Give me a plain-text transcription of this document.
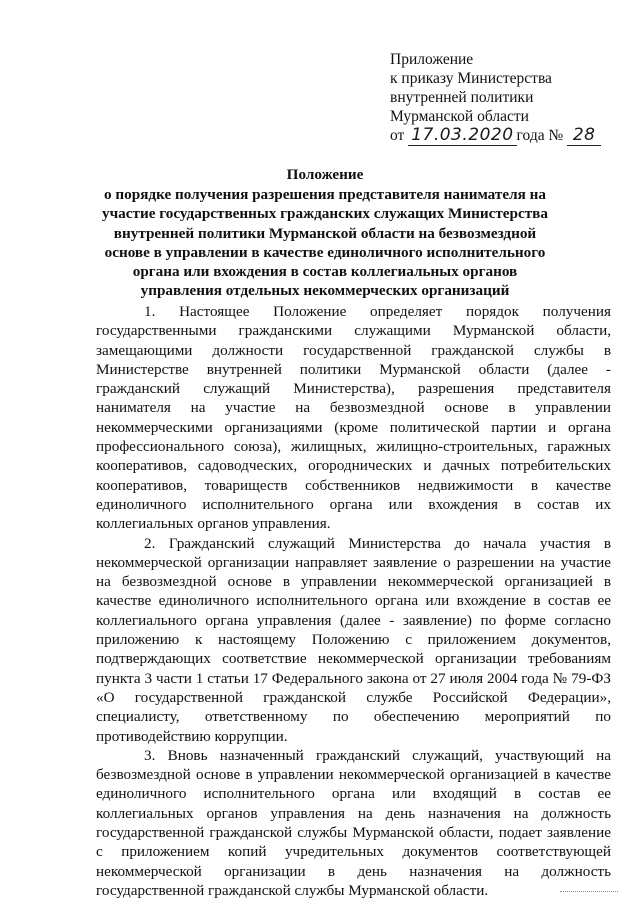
Приложение
к приказу Министерства
внутренней политики
Мурманской области
от 17.03.2020 года № 28
Положение
о порядке получения разрешения представителя нанимателя на участие государственных гражданских служащих Министерства внутренней политики Мурманской области на безвозмездной основе в управлении в качестве единоличного исполнительного органа или вхождения в состав коллегиальных органов управления отдельных некоммерческих организаций

1. Настоящее Положение определяет порядок получения государственными гражданскими служащими Мурманской области, замещающими должности государственной гражданской службы в Министерстве внутренней политики Мурманской области (далее - гражданский служащий Министерства), разрешения представителя нанимателя на участие на безвозмездной основе в управлении некоммерческими организациями (кроме политической партии и органа профессионального союза), жилищных, жилищно-строительных, гаражных кооперативов, садоводческих, огороднических и дачных потребительских кооперативов, товариществ собственников недвижимости в качестве единоличного исполнительного органа или вхождения в состав их коллегиальных органов управления.

2. Гражданский служащий Министерства до начала участия в некоммерческой организации направляет заявление о разрешении на участие на безвозмездной основе в управлении некоммерческой организацией в качестве единоличного исполнительного органа или вхождение в состав ее коллегиального органа управления (далее - заявление) по форме согласно приложению к настоящему Положению с приложением документов, подтверждающих соответствие некоммерческой организации требованиям пункта 3 части 1 статьи 17 Федерального закона от 27 июля 2004 года № 79-ФЗ «О государственной гражданской службе Российской Федерации», специалисту, ответственному по обеспечению мероприятий по противодействию коррупции.

3. Вновь назначенный гражданский служащий, участвующий на безвозмездной основе в управлении некоммерческой организацией в качестве единоличного исполнительного органа или входящий в состав ее коллегиальных органов управления на день назначения на должность государственной гражданской службы Мурманской области, подает заявление с приложением копий учредительных документов соответствующей некоммерческой организации в день назначения на должность государственной гражданской службы Мурманской области.
